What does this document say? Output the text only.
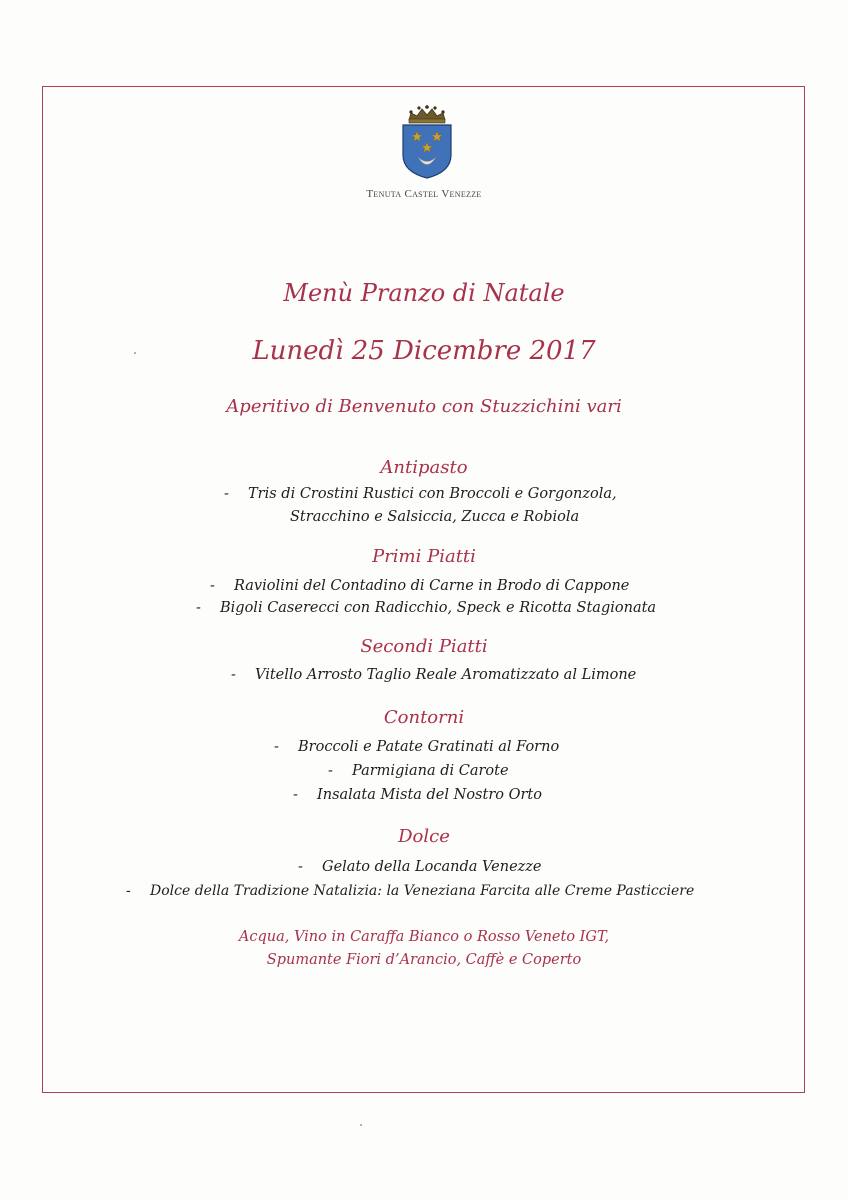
Tenuta Castel Venezze
Menù Pranzo di Natale
Lunedì 25 Dicembre 2017
Aperitivo di Benvenuto con Stuzzichini vari
Antipasto
- Tris di Crostini Rustici con Broccoli e Gorgonzola,
Stracchino e Salsiccia, Zucca e Robiola
Primi Piatti
- Raviolini del Contadino di Carne in Brodo di Cappone
- Bigoli Caserecci con Radicchio, Speck e Ricotta Stagionata
Secondi Piatti
- Vitello Arrosto Taglio Reale Aromatizzato al Limone
Contorni
- Broccoli e Patate Gratinati al Forno
- Parmigiana di Carote
- Insalata Mista del Nostro Orto
Dolce
- Gelato della Locanda Venezze
- Dolce della Tradizione Natalizia: la Veneziana Farcita alle Creme Pasticciere
Acqua, Vino in Caraffa Bianco o Rosso Veneto IGT,
Spumante Fiori d’Arancio, Caffè e Coperto
